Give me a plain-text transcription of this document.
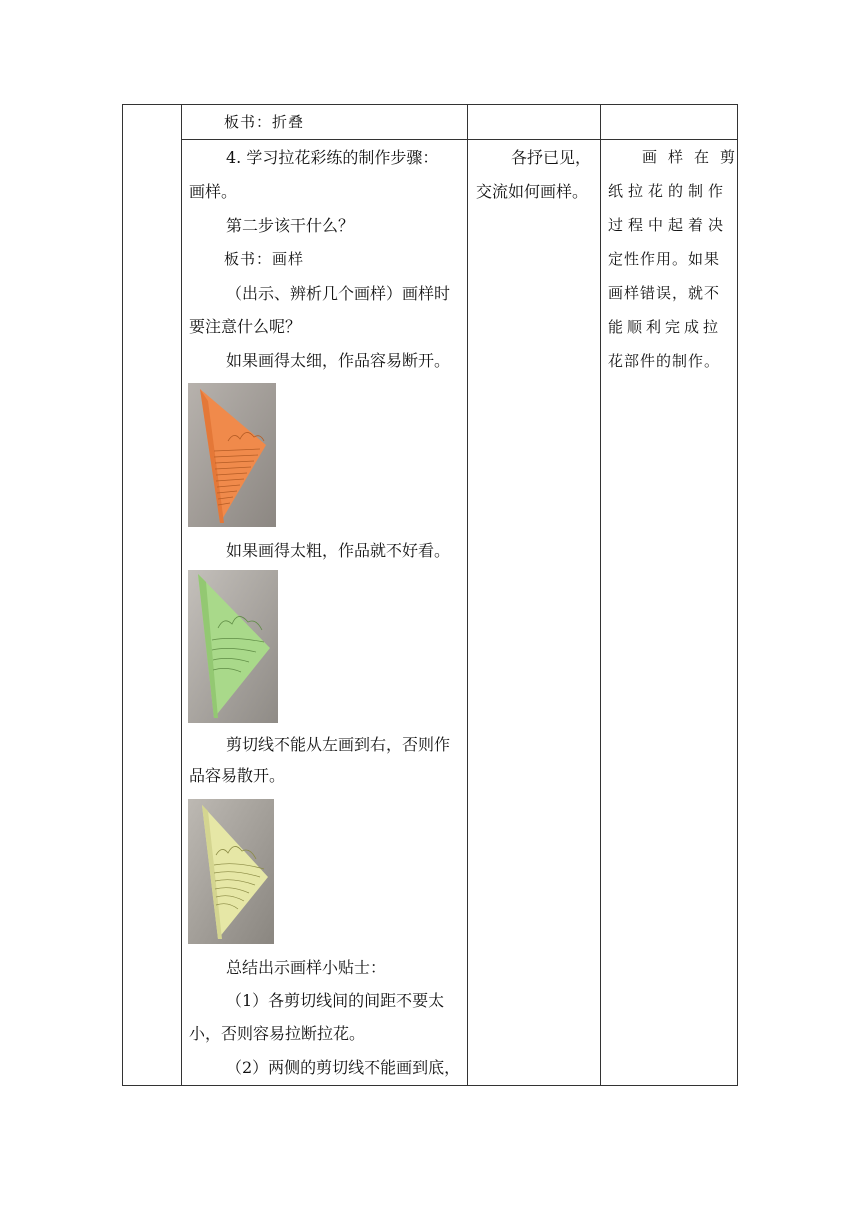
板书：折叠
4. 学习拉花彩练的制作步骤：
画样。
第二步该干什么？
板书：画样
（出示、辨析几个画样）画样时
要注意什么呢？
如果画得太细，作品容易断开。
如果画得太粗，作品就不好看。
剪切线不能从左画到右，否则作
品容易散开。
总结出示画样小贴士：
（1）各剪切线间的间距不要太
小，否则容易拉断拉花。
（2）两侧的剪切线不能画到底，
各抒已见，
交流如何画样。
画样在剪
纸拉花的制作
过程中起着决
定性作用。如果
画样错误，就不
能顺利完成拉
花部件的制作。
